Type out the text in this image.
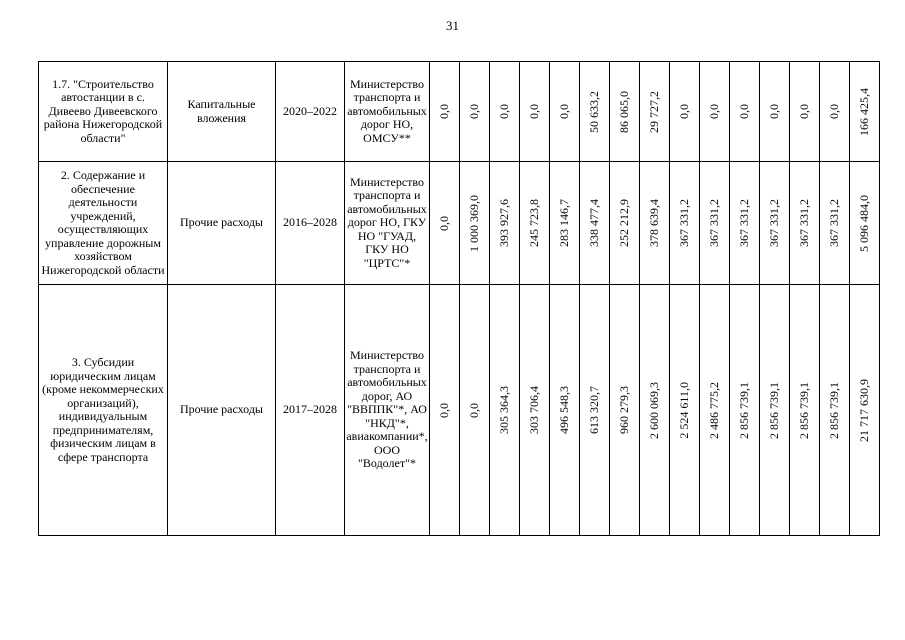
31
1.7. "Строительство автостанции в с. Дивеево Дивеевского района Нижегородской области"	Капитальные вложения	2020–2022	Министерство транспорта и автомобильных дорог НО, ОМСУ**	0,0	0,0	0,0	0,0	0,0	50 633,2	86 065,0	29 727,2	0,0	0,0	0,0	0,0	0,0	0,0	166 425,4

2. Содержание и обеспечение деятельности учреждений, осуществляющих управление дорожным хозяйством Нижегородской области	Прочие расходы	2016–2028	Министерство транспорта и автомобильных дорог НО, ГКУ НО "ГУАД, ГКУ НО "ЦРТС"*	0,0	1 000 369,0	393 927,6	245 723,8	283 146,7	338 477,4	252 212,9	378 639,4	367 331,2	367 331,2	367 331,2	367 331,2	367 331,2	367 331,2	5 096 484,0

3. Субсидии юридическим лицам (кроме некоммерческих организаций), индивидуальным предпринимателям, физическим лицам в сфере транспорта	Прочие расходы	2017–2028	Министерство транспорта и автомобильных дорог, АО "ВВППК"*, АО "НКД"*, авиакомпании*, ООО "Водолет"*	0,0	0,0	305 364,3	303 706,4	496 548,3	613 320,7	960 279,3	2 600 069,3	2 524 611,0	2 486 775,2	2 856 739,1	2 856 739,1	2 856 739,1	2 856 739,1	21 717 630,9
